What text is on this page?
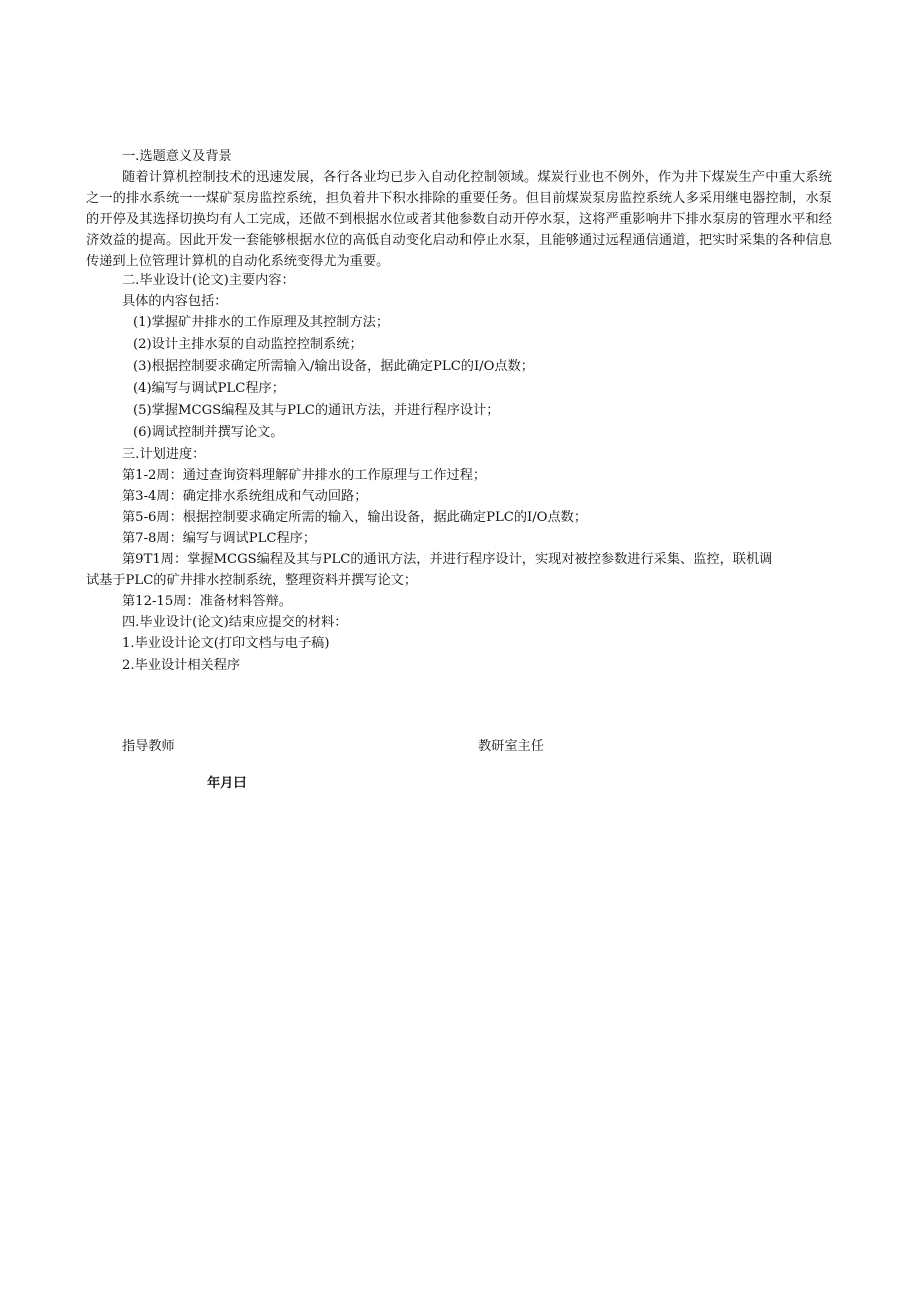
一.选题意义及背景
随着计算机控制技术的迅速发展，各行各业均已步入自动化控制领域。煤炭行业也不例外，作为井下煤炭生产中重大系统之一的排水系统一一煤矿泵房监控系统，担负着井下积水排除的重要任务。但目前煤炭泵房监控系统人多采用继电器控制，水泵的开停及其选择切换均有人工完成，还做不到根据水位或者其他参数自动开停水泵，这将严重影响井下排水泵房的管理水平和经济效益的提高。因此开发一套能够根据水位的高低自动变化启动和停止水泵，且能够通过远程通信通道，把实时采集的各种信息传递到上位管理计算机的自动化系统变得尤为重要。
二.毕业设计(论文)主要内容：
具体的内容包括：
(1)掌握矿井排水的工作原理及其控制方法；
(2)设计主排水泵的自动监控控制系统；
(3)根据控制要求确定所需输入/输出设备，据此确定PLC的I/O点数；
(4)编写与调试PLC程序；
(5)掌握MCGS编程及其与PLC的通讯方法，并进行程序设计；
(6)调试控制并撰写论文。
三.计划进度：
第1-2周：通过查询资料理解矿井排水的工作原理与工作过程；
第3-4周：确定排水系统组成和气动回路；
第5-6周：根据控制要求确定所需的输入，输出设备，据此确定PLC的I/O点数；
第7-8周：编写与调试PLC程序；
第9T1周：掌握MCGS编程及其与PLC的通讯方法，并进行程序设计，实现对被控参数进行采集、监控，联机调
试基于PLC的矿井排水控制系统，整理资料并撰写论文；
第12-15周：准备材料答辩。
四.毕业设计(论文)结束应提交的材料：
1.毕业设计论文(打印文档与电子稿)
2.毕业设计相关程序
指导教师	教研室主任
年月曰
